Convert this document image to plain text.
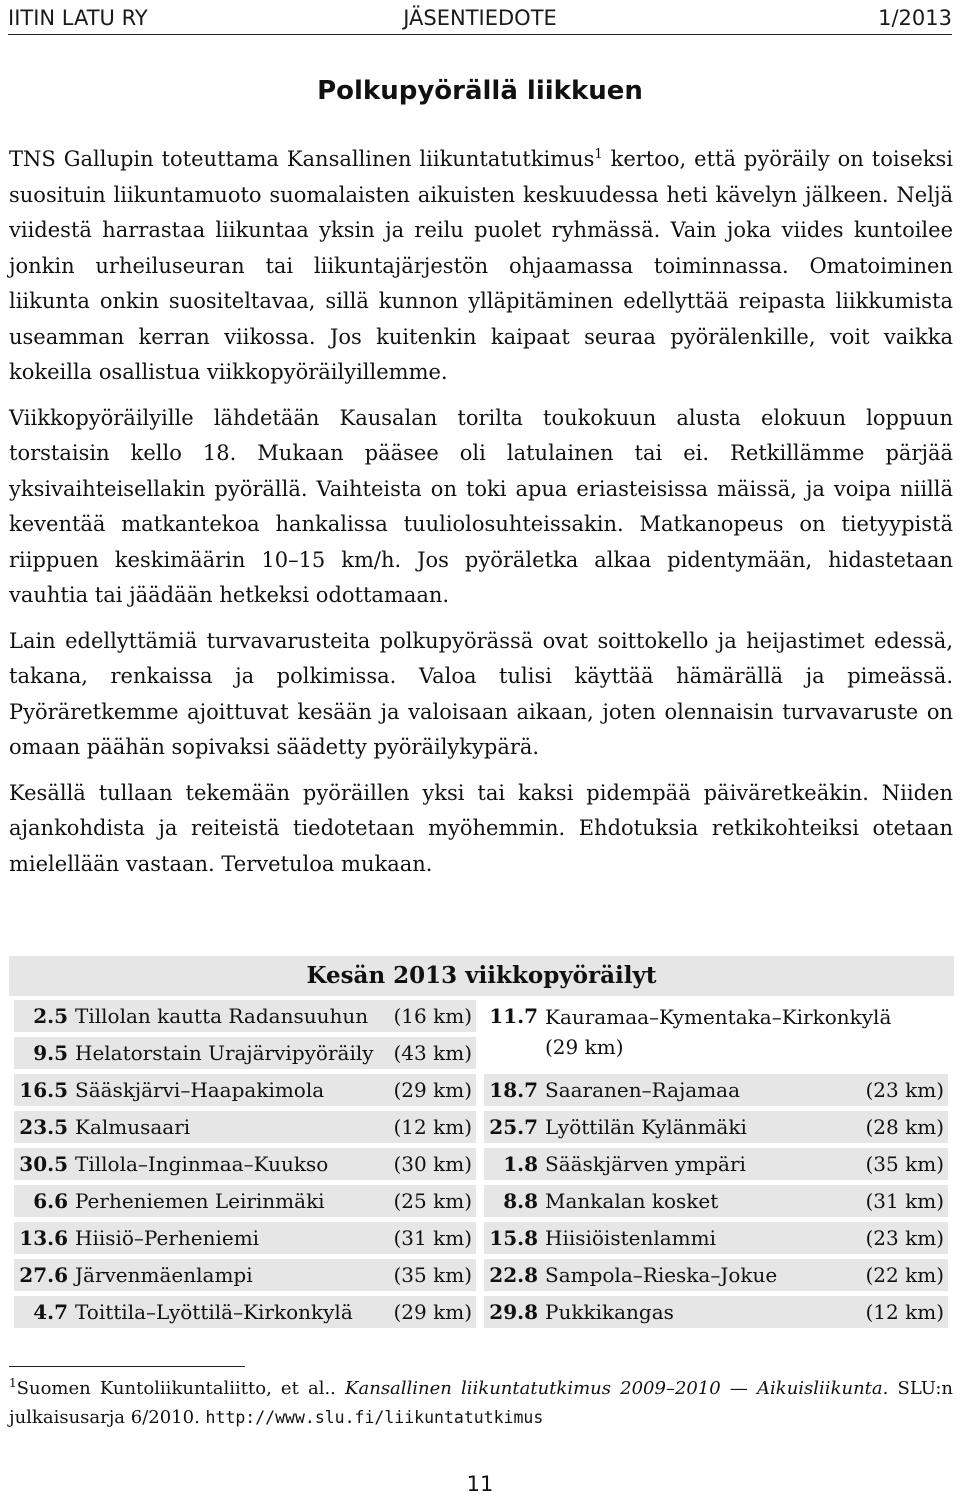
IITIN LATU RY	JÄSENTIEDOTE	1/2013
Polkupyörällä liikkuen

TNS Gallupin toteuttama Kansallinen liikuntatutkimus$^1$ kertoo, että pyöräily on toiseksi suosituin liikuntamuoto suomalaisten aikuisten keskuudessa heti kävelyn jälkeen. Neljä viidestä harrastaa liikuntaa yksin ja reilu puolet ryhmässä. Vain joka viides kuntoilee jonkin urheiluseuran tai liikuntajärjestön ohjaamassa toiminnassa. Omatoiminen liikunta onkin suositeltavaa, sillä kunnon ylläpitäminen edellyttää reipasta liikkumista useamman kerran viikossa. Jos kuitenkin kaipaat seuraa pyörälenkille, voit vaikka kokeilla osallistua viikkopyöräilyillemme.

Viikkopyöräilyille lähdetään Kausalan torilta toukokuun alusta elokuun loppuun torstaisin kello 18. Mukaan pääsee oli latulainen tai ei. Retkillämme pärjää yksivaihteisellakin pyörällä. Vaihteista on toki apua eriasteisissa mäissä, ja voipa niillä keventää matkantekoa hankalissa tuuliolosuhteissakin. Matkanopeus on tietyypistä riippuen keskimäärin 10–15 km/h. Jos pyöräletka alkaa pidentymään, hidastetaan vauhtia tai jäädään hetkeksi odottamaan.

Lain edellyttämiä turvavarusteita polkupyörässä ovat soittokello ja heijastimet edessä, takana, renkaissa ja polkimissa. Valoa tulisi käyttää hämärällä ja pimeässä. Pyöräretkemme ajoittuvat kesään ja valoisaan aikaan, joten olennaisin turvavaruste on omaan päähän sopivaksi säädetty pyöräilykypärä.

Kesällä tullaan tekemään pyöräillen yksi tai kaksi pidempää päiväretkeäkin. Niiden ajankohdista ja reiteistä tiedotetaan myöhemmin. Ehdotuksia retkikohteiksi otetaan mielellään vastaan. Tervetuloa mukaan.

Kesän 2013 viikkopyöräilyt
2.5 Tillolan kautta Radansuuhun (16 km)
9.5 Helatorstain Urajärvipyöräily (43 km)
16.5 Sääskjärvi–Haapakimola	(29 km)
23.5 Kalmusaari	(12 km)
30.5 Tillola–Inginmaa–Kuukso	(30 km)
6.6 Perheniemen Leirinmäki	(25 km)
13.6 Hiisiö–Perheniemi	(31 km)
27.6 Järvenmäenlampi	(35 km)
4.7 Toittila–Lyöttilä–Kirkonkylä (29 km)
11.7 Kauramaa–Kymentaka–Kirkonkylä (29 km)
18.7 Saaranen–Rajamaa	(23 km)
25.7 Lyöttilän Kylänmäki	(28 km)
1.8 Sääskjärven ympäri	(35 km)
8.8 Mankalan kosket	(31 km)
15.8 Hiisiöistenlammi	(23 km)
22.8 Sampola–Rieska–Jokue	(22 km)
29.8 Pukkikangas	(12 km)
$^1$Suomen Kuntoliikuntaliitto, et al.. Kansallinen liikuntatutkimus 2009–2010 — Aikuisliikunta. SLU:n julkaisusarja 6/2010. http://www.slu.fi/liikuntatutkimus
11
